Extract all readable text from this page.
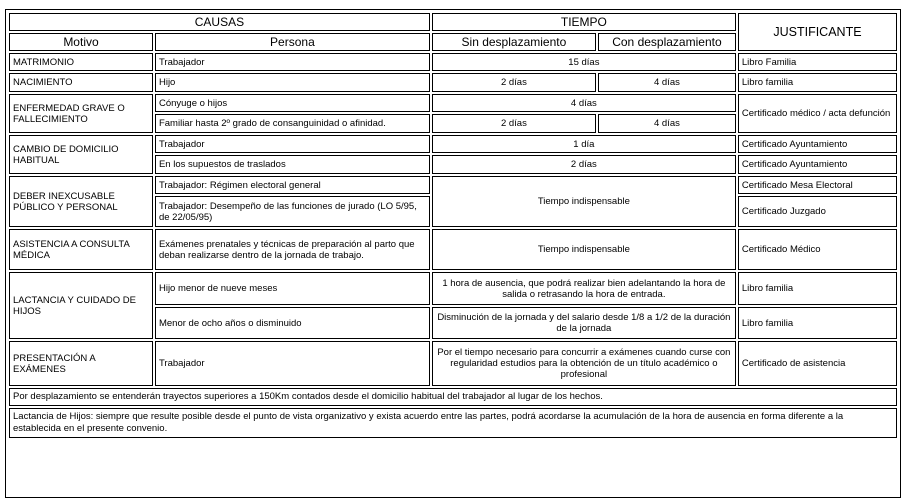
CAUSAS		TIEMPO		JUSTIFICANTE
Motivo	Persona	Sin desplazamiento	Con desplazamiento	
MATRIMONIO	Trabajador	15 días		Libro Familia
NACIMIENTO	Hijo	2 días	4 días	Libro familia
ENFERMEDAD GRAVE O FALLECIMIENTO	Cónyuge o hijos	4 días		Certificado médico / acta defunción
	Familiar hasta 2º grado de consanguinidad o afinidad.	2 días	4 días	
CAMBIO DE DOMICILIO HABITUAL	Trabajador	1 día		Certificado Ayuntamiento
	En los supuestos de traslados	2 días		Certificado Ayuntamiento
DEBER INEXCUSABLE PÚBLICO Y PERSONAL	Trabajador: Régimen electoral general	Tiempo indispensable		Certificado Mesa Electoral
	Trabajador: Desempeño de las funciones de jurado (LO 5/95, de 22/05/95)			Certificado Juzgado
ASISTENCIA A CONSULTA MÉDICA	Exámenes prenatales y técnicas de preparación al parto que deban realizarse dentro de la jornada de trabajo.	Tiempo indispensable		Certificado Médico
LACTANCIA Y CUIDADO DE HIJOS	Hijo menor de nueve meses	1 hora de ausencia, que podrá realizar bien adelantando la hora de salida o retrasando la hora de entrada.		Libro familia
	Menor de ocho años o disminuido	Disminución de la jornada y del salario desde 1/8 a 1/2 de la duración de la jornada		Libro familia
PRESENTACIÓN A EXÁMENES	Trabajador	Por el tiempo necesario para concurrir a exámenes cuando curse con regularidad estudios para la obtención de un título académico o profesional		Certificado de asistencia
Por desplazamiento se entenderán trayectos superiores a 150Km contados desde el domicilio habitual del trabajador al lugar de los hechos.				
Lactancia de Hijos: siempre que resulte posible desde el punto de vista organizativo y exista acuerdo entre las partes, podrá acordarse la acumulación de la hora de ausencia en forma diferente a la establecida en el presente convenio.				
